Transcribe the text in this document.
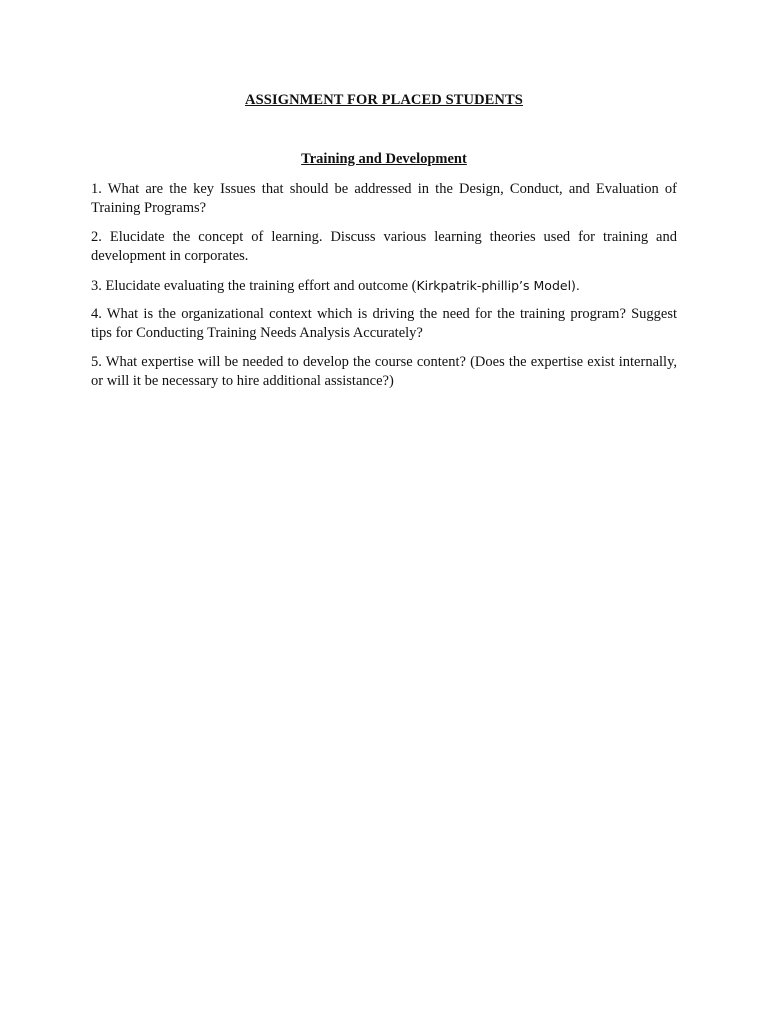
ASSIGNMENT FOR PLACED STUDENTS
Training and Development

1. What are the key Issues that should be addressed in the Design, Conduct, and Evaluation of Training Programs?

2. Elucidate the concept of learning. Discuss various learning theories used for training and development in corporates.

3. Elucidate evaluating the training effort and outcome (Kirkpatrik-phillip’s Model).

4. What is the organizational context which is driving the need for the training program? Suggest tips for Conducting Training Needs Analysis Accurately?

5. What expertise will be needed to develop the course content? (Does the expertise exist internally, or will it be necessary to hire additional assistance?)
